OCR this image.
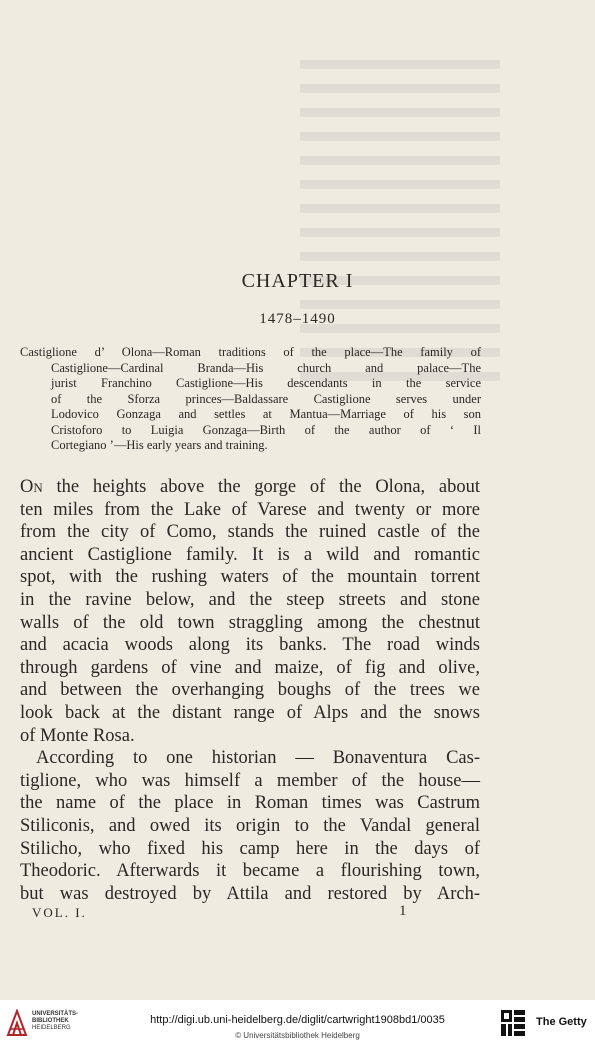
CHAPTER I
1478–1490
Castiglione d’ Olona—Roman traditions of the place—The family of
Castiglione—Cardinal Branda—His church and palace—The
jurist Franchino Castiglione—His descendants in the service
of the Sforza princes—Baldassare Castiglione serves under
Lodovico Gonzaga and settles at Mantua—Marriage of his son
Cristoforo to Luigia Gonzaga—Birth of the author of ‘ Il
Cortegiano ’—His early years and training.
On the heights above the gorge of the Olona, about
ten miles from the Lake of Varese and twenty or more
from the city of Como, stands the ruined castle of the
ancient Castiglione family. It is a wild and romantic
spot, with the rushing waters of the mountain torrent
in the ravine below, and the steep streets and stone
walls of the old town straggling among the chestnut
and acacia woods along its banks. The road winds
through gardens of vine and maize, of fig and olive,
and between the overhanging boughs of the trees we
look back at the distant range of Alps and the snows
of Monte Rosa.
According to one historian — Bonaventura Cas-
tiglione, who was himself a member of the house—
the name of the place in Roman times was Castrum
Stiliconis, and owed its origin to the Vandal general
Stilicho, who fixed his camp here in the days of
Theodoric. Afterwards it became a flourishing town,
but was destroyed by Attila and restored by Arch-
VOL. I.	1
UNIVERSITÄTS-
BIBLIOTHEK
HEIDELBERG
http://digi.ub.uni-heidelberg.de/diglit/cartwright1908bd1/0035
© Universitätsbibliothek Heidelberg
The Getty
